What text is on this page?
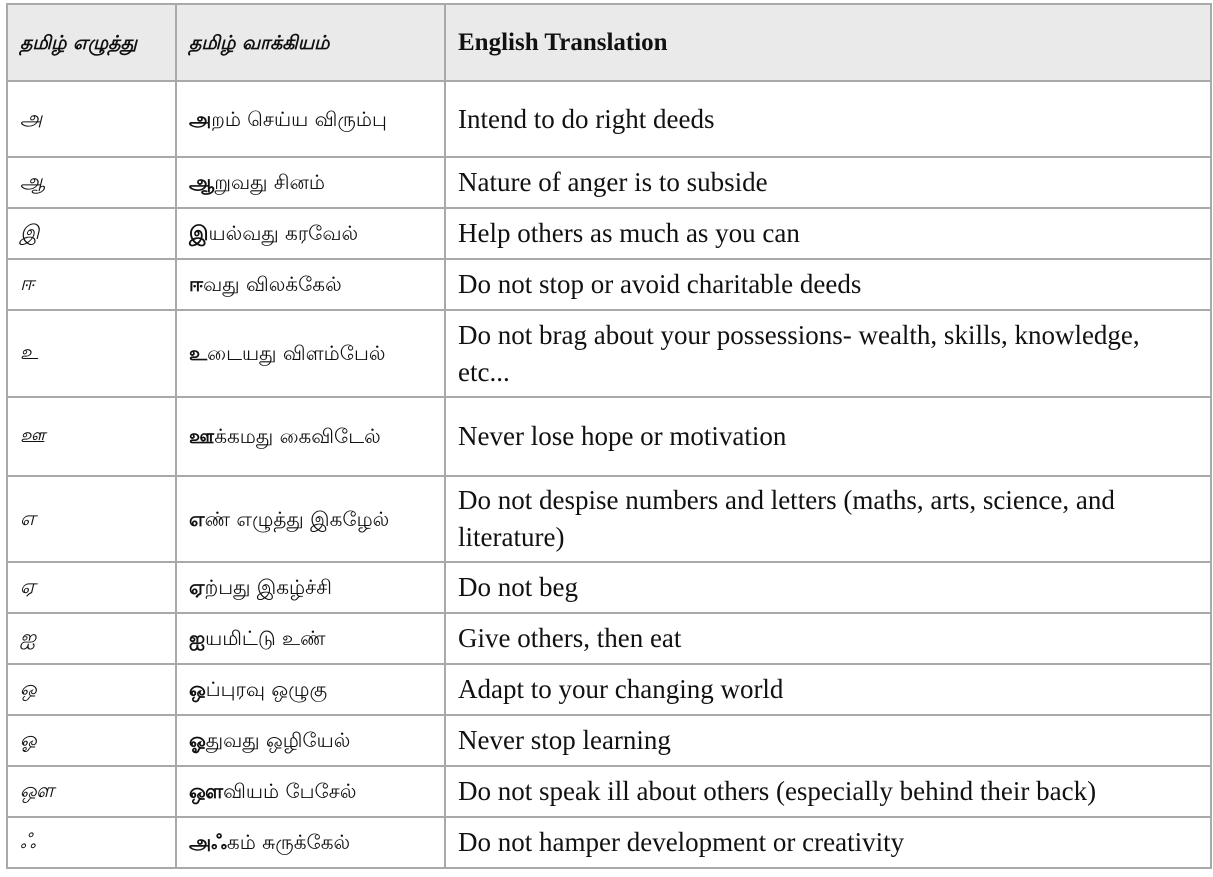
தமிழ் எழுத்து	தமிழ் வாக்கியம்	English Translation
அ	அறம் செய்ய விரும்பு	Intend to do right deeds
ஆ	ஆறுவது சினம்	Nature of anger is to subside
இ	இயல்வது கரவேல்	Help others as much as you can
ஈ	ஈவது விலக்கேல்	Do not stop or avoid charitable deeds
உ	உடையது விளம்பேல்	Do not brag about your possessions- wealth, skills, knowledge, etc...
ஊ	ஊக்கமது கைவிடேல்	Never lose hope or motivation
எ	எண் எழுத்து இகழேல்	Do not despise numbers and letters (maths, arts, science, and literature)
ஏ	ஏற்பது இகழ்ச்சி	Do not beg
ஐ	ஐயமிட்டு உண்	Give others, then eat
ஒ	ஒப்புரவு ஒழுகு	Adapt to your changing world
ஓ	ஓதுவது ஒழியேல்	Never stop learning
ஔ	ஔவியம் பேசேல்	Do not speak ill about others (especially behind their back)
ஃ	அஃகம் சுருக்கேல்	Do not hamper development or creativity
